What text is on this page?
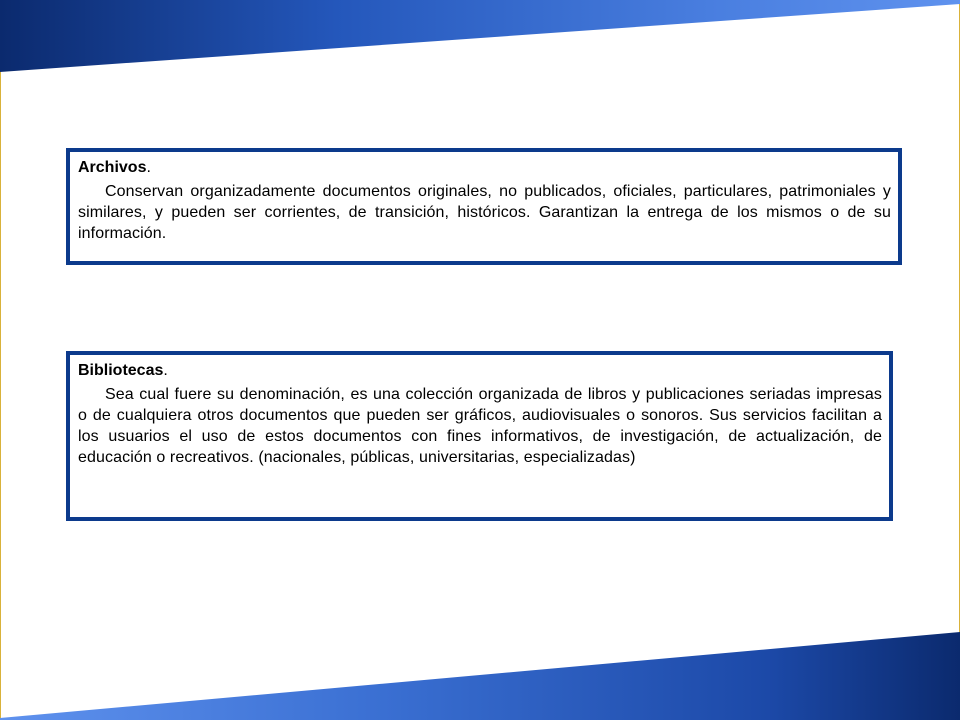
Archivos.

Conservan organizadamente documentos originales, no publicados, oficiales, particulares, patrimoniales y similares, y pueden ser corrientes, de transición, históricos. Garantizan la entrega de los mismos o de su información.

Bibliotecas.

Sea cual fuere su denominación, es una colección organizada de libros y publicaciones seriadas impresas o de cualquiera otros documentos que pueden ser gráficos, audiovisuales o sonoros. Sus servicios facilitan a los usuarios el uso de estos documentos con fines informativos, de investigación, de actualización, de educación o recreativos. (nacionales, públicas, universitarias, especializadas)
